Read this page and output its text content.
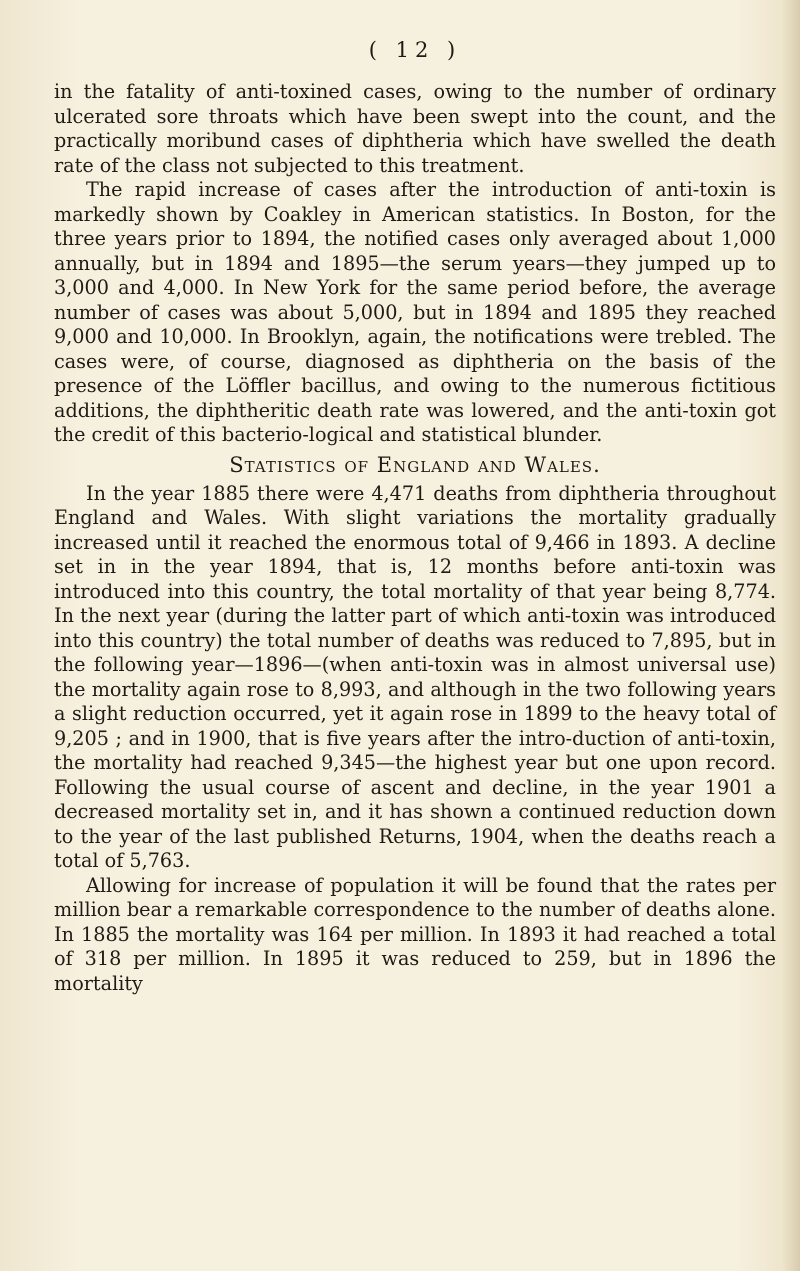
( 12 )

in the fatality of anti-toxined cases, owing to the number of ordinary ulcerated sore throats which have been swept into the count, and the practically moribund cases of diphtheria which have swelled the death rate of the class not subjected to this treatment.

The rapid increase of cases after the introduction of anti-toxin is markedly shown by Coakley in American statistics. In Boston, for the three years prior to 1894, the notified cases only averaged about 1,000 annually, but in 1894 and 1895—the serum years—they jumped up to 3,000 and 4,000. In New York for the same period before, the average number of cases was about 5,000, but in 1894 and 1895 they reached 9,000 and 10,000. In Brooklyn, again, the notifications were trebled. The cases were, of course, diagnosed as diphtheria on the basis of the presence of the Löffler bacillus, and owing to the numerous fictitious additions, the diphtheritic death rate was lowered, and the anti-toxin got the credit of this bacterio-logical and statistical blunder.

Statistics of England and Wales.

In the year 1885 there were 4,471 deaths from diphtheria throughout England and Wales. With slight variations the mortality gradually increased until it reached the enormous total of 9,466 in 1893. A decline set in in the year 1894, that is, 12 months before anti-toxin was introduced into this country, the total mortality of that year being 8,774. In the next year (during the latter part of which anti-toxin was introduced into this country) the total number of deaths was reduced to 7,895, but in the following year—1896—(when anti-toxin was in almost universal use) the mortality again rose to 8,993, and although in the two following years a slight reduction occurred, yet it again rose in 1899 to the heavy total of 9,205 ; and in 1900, that is five years after the intro-duction of anti-toxin, the mortality had reached 9,345—the highest year but one upon record. Following the usual course of ascent and decline, in the year 1901 a decreased mortality set in, and it has shown a continued reduction down to the year of the last published Returns, 1904, when the deaths reach a total of 5,763.

Allowing for increase of population it will be found that the rates per million bear a remarkable correspondence to the number of deaths alone. In 1885 the mortality was 164 per million. In 1893 it had reached a total of 318 per million. In 1895 it was reduced to 259, but in 1896 the mortality
